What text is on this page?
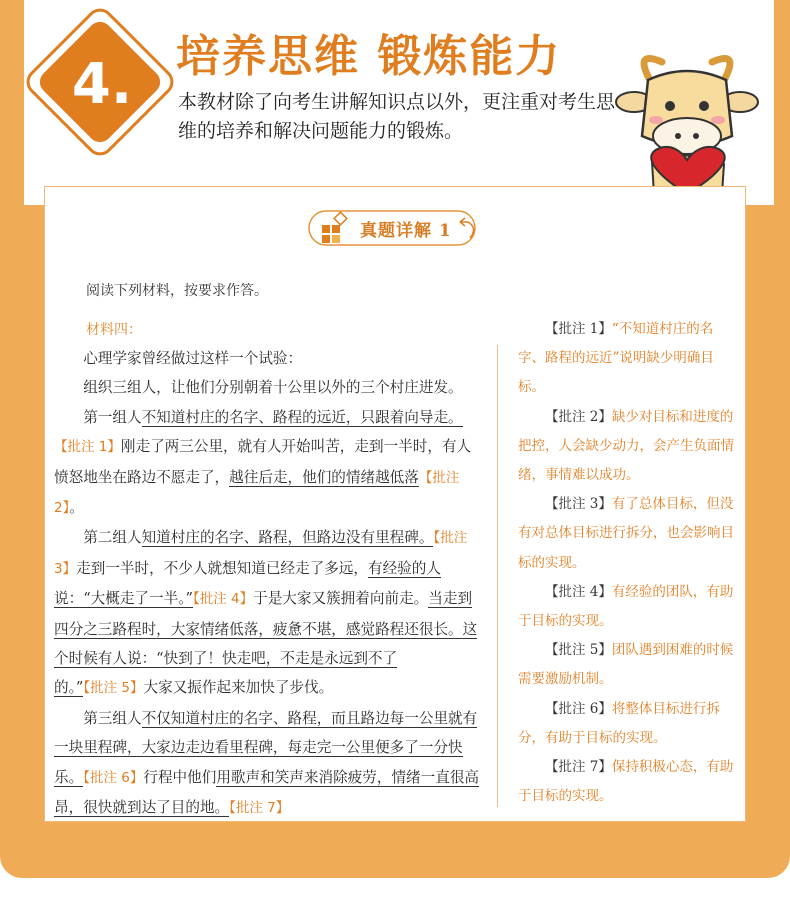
4. 培养思维 锻炼能力
本教材除了向考生讲解知识点以外，更注重对考生思维的培养和解决问题能力的锻炼。
真题详解 1
阅读下列材料，按要求作答。
材料四：

心理学家曾经做过这样一个试验：

组织三组人，让他们分别朝着十公里以外的三个村庄进发。

第一组人不知道村庄的名字、路程的远近，只跟着向导走。【批注 1】刚走了两三公里，就有人开始叫苦，走到一半时，有人愤怒地坐在路边不愿走了，越往后走，他们的情绪越低落【批注 2】。

第二组人知道村庄的名字、路程，但路边没有里程碑。【批注 3】走到一半时，不少人就想知道已经走了多远，有经验的人说：“大概走了一半。”【批注 4】于是大家又簇拥着向前走。当走到四分之三路程时，大家情绪低落，疲惫不堪，感觉路程还很长。这个时候有人说：“快到了！快走吧，不走是永远到不了的。”【批注 5】大家又振作起来加快了步伐。

第三组人不仅知道村庄的名字、路程，而且路边每一公里就有一块里程碑，大家边走边看里程碑，每走完一公里便多了一分快乐。【批注 6】行程中他们用歌声和笑声来消除疲劳，情绪一直很高昂，很快就到达了目的地。【批注 7】

【批注 1】“不知道村庄的名字、路程的远近”说明缺少明确目标。

【批注 2】缺少对目标和进度的把控，人会缺少动力，会产生负面情绪，事情难以成功。

【批注 3】有了总体目标，但没有对总体目标进行拆分，也会影响目标的实现。

【批注 4】有经验的团队，有助于目标的实现。

【批注 5】团队遇到困难的时候需要激励机制。

【批注 6】将整体目标进行拆分，有助于目标的实现。

【批注 7】保持积极心态，有助于目标的实现。
